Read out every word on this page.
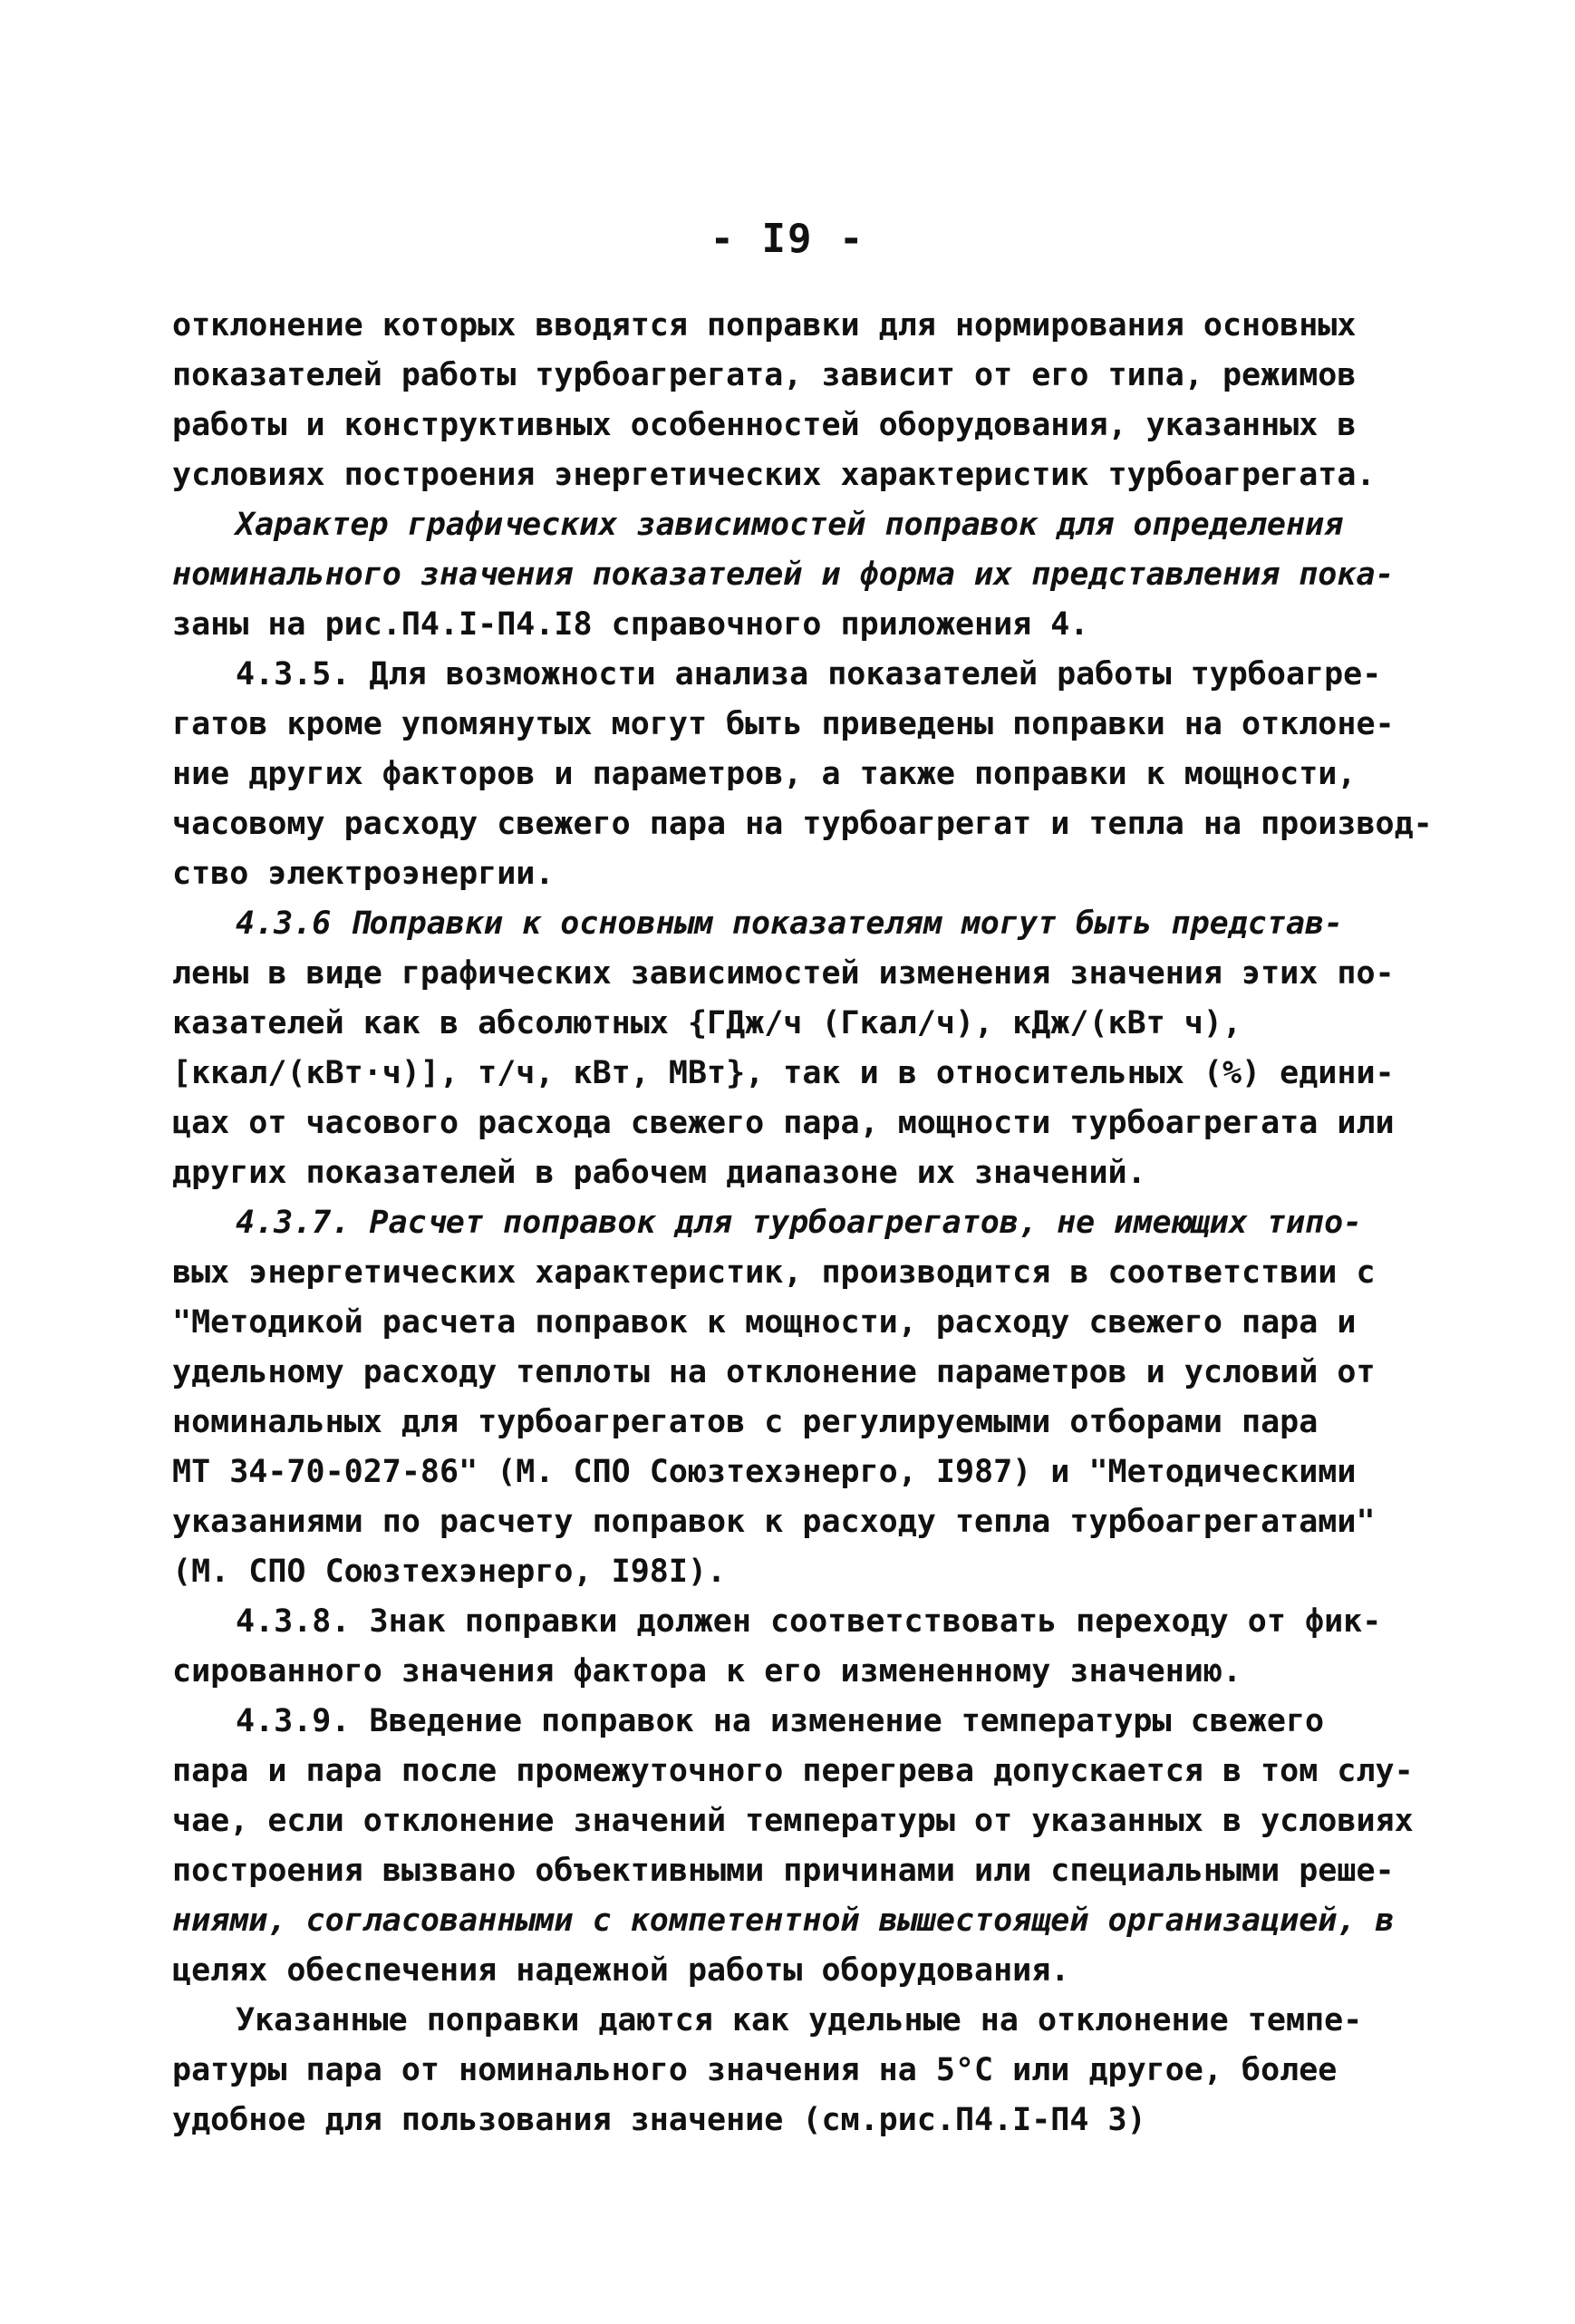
- I9 -
отклонение которых вводятся поправки для нормирования основных
показателей работы турбоагрегата, зависит от его типа, режимов
работы и конструктивных особенностей оборудования, указанных в
условиях построения энергетических характеристик турбоагрегата.
Характер графических зависимостей поправок для определения
номинального значения показателей и форма их представления пока-
заны на рис.П4.I-П4.I8 справочного приложения 4.
4.3.5. Для возможности анализа показателей работы турбоагре-
гатов кроме упомянутых могут быть приведены поправки на отклоне-
ние других факторов и параметров, а также поправки к мощности,
часовому расходу свежего пара на турбоагрегат и тепла на производ-
ство электроэнергии.
4.3.6 Поправки к основным показателям могут быть представ-
лены в виде графических зависимостей изменения значения этих по-
казателей как в абсолютных {ГДж/ч (Гкал/ч), кДж/(кВт ч),
[ккал/(кВт·ч)], т/ч, кВт, МВт}, так и в относительных (%) едини-
цах от часового расхода свежего пара, мощности турбоагрегата или
других показателей в рабочем диапазоне их значений.
4.3.7. Расчет поправок для турбоагрегатов, не имеющих типо-
вых энергетических характеристик, производится в соответствии с
"Методикой расчета поправок к мощности, расходу свежего пара и
удельному расходу теплоты на отклонение параметров и условий от
номинальных для турбоагрегатов с регулируемыми отборами пара
МТ 34-70-027-86" (М. СПО Союзтехэнерго, I987) и "Методическими
указаниями по расчету поправок к расходу тепла турбоагрегатами"
(М. СПО Союзтехэнерго, I98I).
4.3.8. Знак поправки должен соответствовать переходу от фик-
сированного значения фактора к его измененному значению.
4.3.9. Введение поправок на изменение температуры свежего
пара и пара после промежуточного перегрева допускается в том слу-
чае, если отклонение значений температуры от указанных в условиях
построения вызвано объективными причинами или специальными реше-
ниями, согласованными с компетентной вышестоящей организацией, в
целях обеспечения надежной работы оборудования.
Указанные поправки даются как удельные на отклонение темпе-
ратуры пара от номинального значения на 5°С или другое, более
удобное для пользования значение (см.рис.П4.I-П4 3)
